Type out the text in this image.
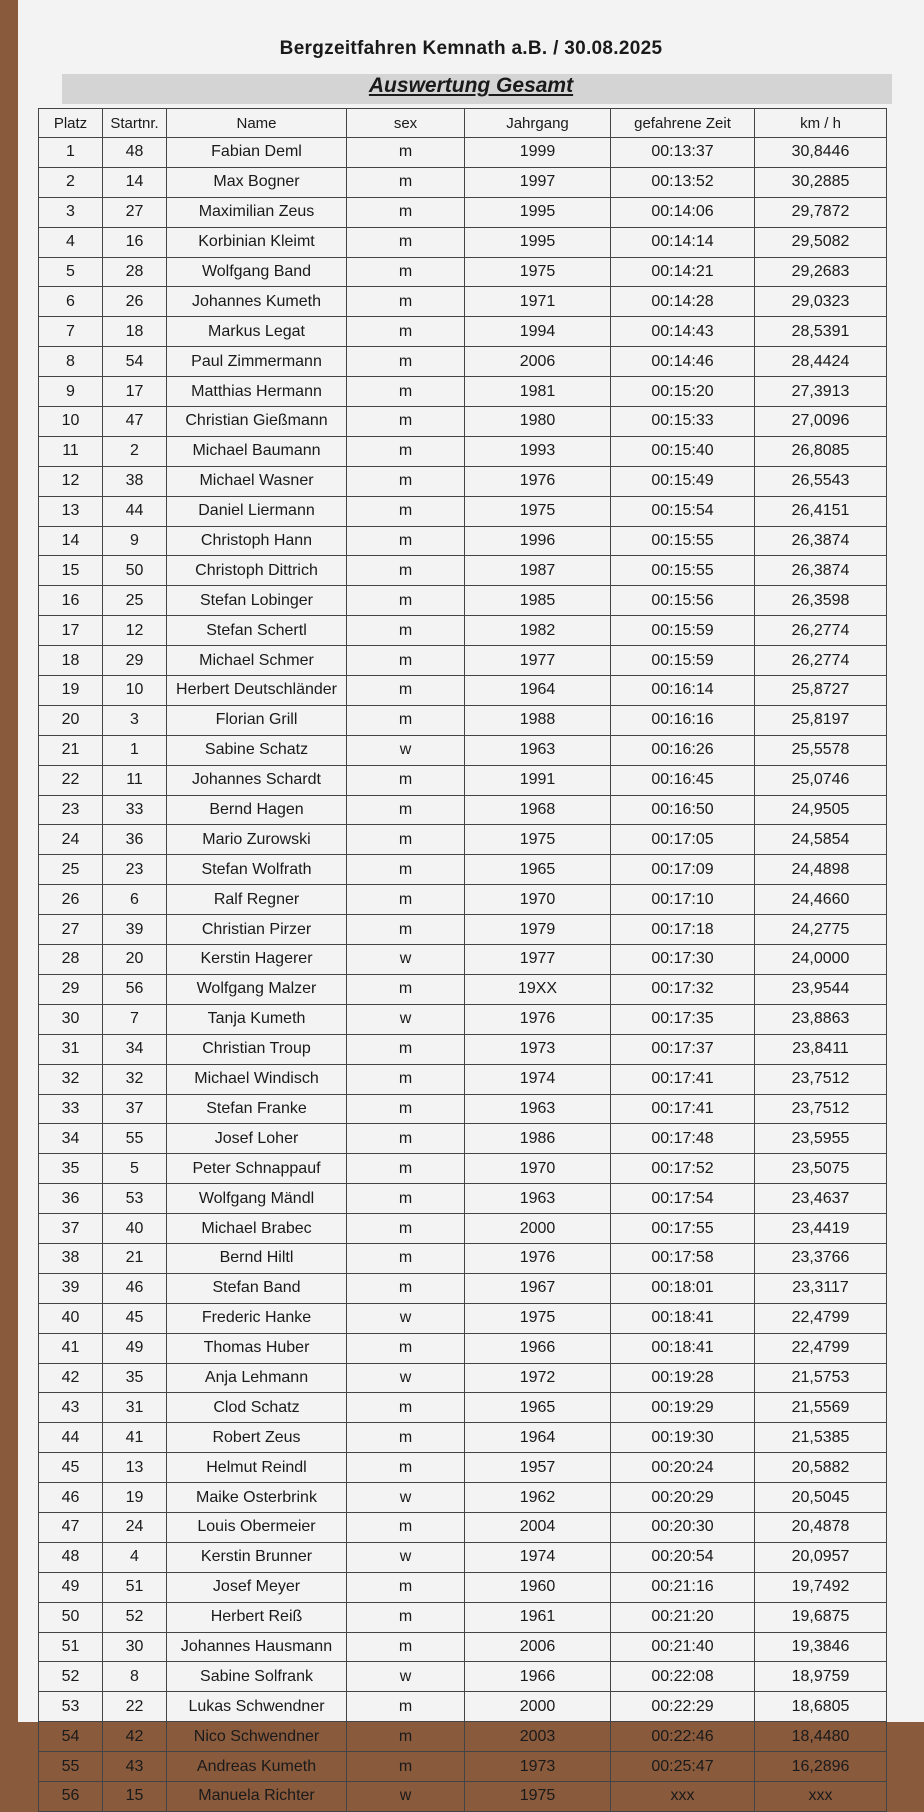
Bergzeitfahren Kemnath a.B. / 30.08.2025
Auswertung Gesamt
Platz	Startnr.	Name	sex	Jahrgang	gefahrene Zeit	km / h
1	48	Fabian Deml	m	1999	00:13:37	30,8446
2	14	Max Bogner	m	1997	00:13:52	30,2885
3	27	Maximilian Zeus	m	1995	00:14:06	29,7872
4	16	Korbinian Kleimt	m	1995	00:14:14	29,5082
5	28	Wolfgang Band	m	1975	00:14:21	29,2683
6	26	Johannes Kumeth	m	1971	00:14:28	29,0323
7	18	Markus Legat	m	1994	00:14:43	28,5391
8	54	Paul Zimmermann	m	2006	00:14:46	28,4424
9	17	Matthias Hermann	m	1981	00:15:20	27,3913
10	47	Christian Gießmann	m	1980	00:15:33	27,0096
11	2	Michael Baumann	m	1993	00:15:40	26,8085
12	38	Michael Wasner	m	1976	00:15:49	26,5543
13	44	Daniel Liermann	m	1975	00:15:54	26,4151
14	9	Christoph Hann	m	1996	00:15:55	26,3874
15	50	Christoph Dittrich	m	1987	00:15:55	26,3874
16	25	Stefan Lobinger	m	1985	00:15:56	26,3598
17	12	Stefan Schertl	m	1982	00:15:59	26,2774
18	29	Michael Schmer	m	1977	00:15:59	26,2774
19	10	Herbert Deutschländer	m	1964	00:16:14	25,8727
20	3	Florian Grill	m	1988	00:16:16	25,8197
21	1	Sabine Schatz	w	1963	00:16:26	25,5578
22	11	Johannes Schardt	m	1991	00:16:45	25,0746
23	33	Bernd Hagen	m	1968	00:16:50	24,9505
24	36	Mario Zurowski	m	1975	00:17:05	24,5854
25	23	Stefan Wolfrath	m	1965	00:17:09	24,4898
26	6	Ralf Regner	m	1970	00:17:10	24,4660
27	39	Christian Pirzer	m	1979	00:17:18	24,2775
28	20	Kerstin Hagerer	w	1977	00:17:30	24,0000
29	56	Wolfgang Malzer	m	19XX	00:17:32	23,9544
30	7	Tanja Kumeth	w	1976	00:17:35	23,8863
31	34	Christian Troup	m	1973	00:17:37	23,8411
32	32	Michael Windisch	m	1974	00:17:41	23,7512
33	37	Stefan Franke	m	1963	00:17:41	23,7512
34	55	Josef Loher	m	1986	00:17:48	23,5955
35	5	Peter Schnappauf	m	1970	00:17:52	23,5075
36	53	Wolfgang Mändl	m	1963	00:17:54	23,4637
37	40	Michael Brabec	m	2000	00:17:55	23,4419
38	21	Bernd Hiltl	m	1976	00:17:58	23,3766
39	46	Stefan Band	m	1967	00:18:01	23,3117
40	45	Frederic Hanke	w	1975	00:18:41	22,4799
41	49	Thomas Huber	m	1966	00:18:41	22,4799
42	35	Anja Lehmann	w	1972	00:19:28	21,5753
43	31	Clod Schatz	m	1965	00:19:29	21,5569
44	41	Robert Zeus	m	1964	00:19:30	21,5385
45	13	Helmut Reindl	m	1957	00:20:24	20,5882
46	19	Maike Osterbrink	w	1962	00:20:29	20,5045
47	24	Louis Obermeier	m	2004	00:20:30	20,4878
48	4	Kerstin Brunner	w	1974	00:20:54	20,0957
49	51	Josef Meyer	m	1960	00:21:16	19,7492
50	52	Herbert Reiß	m	1961	00:21:20	19,6875
51	30	Johannes Hausmann	m	2006	00:21:40	19,3846
52	8	Sabine Solfrank	w	1966	00:22:08	18,9759
53	22	Lukas Schwendner	m	2000	00:22:29	18,6805
54	42	Nico Schwendner	m	2003	00:22:46	18,4480
55	43	Andreas Kumeth	m	1973	00:25:47	16,2896
56	15	Manuela Richter	w	1975	xxx	xxx
